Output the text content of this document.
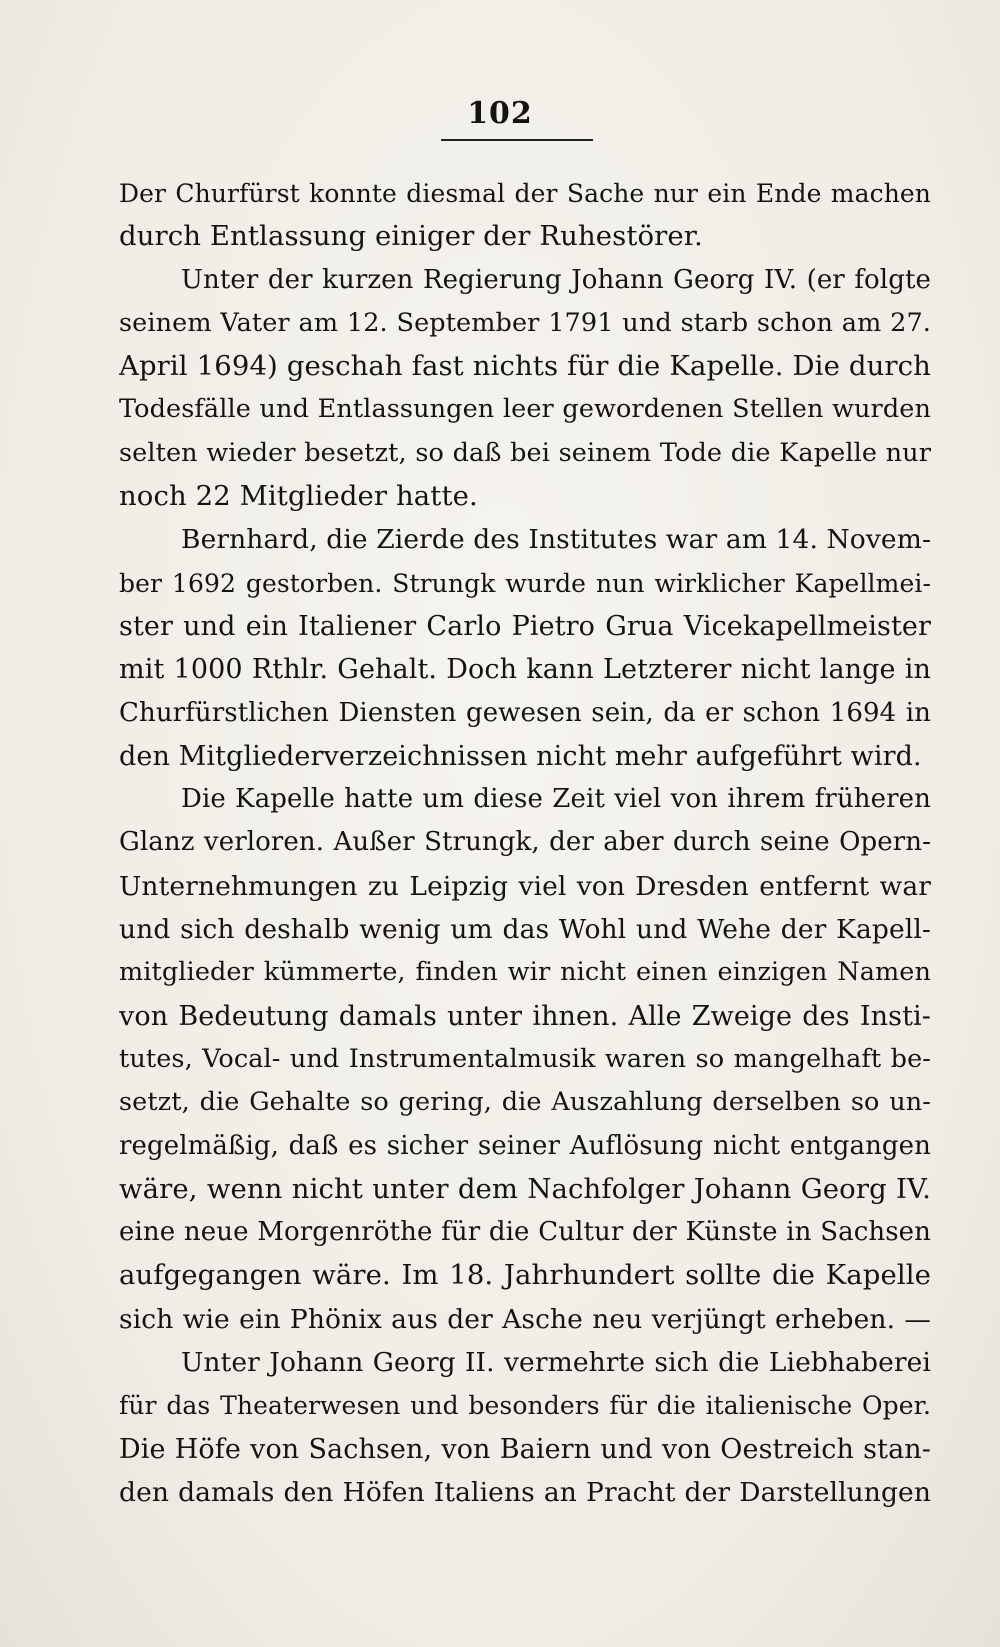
102
Der Churfürst konnte diesmal der Sache nur ein Ende machen
durch Entlassung einiger der Ruhestörer.
Unter der kurzen Regierung Johann Georg IV. (er folgte
seinem Vater am 12. September 1791 und starb schon am 27.
April 1694) geschah fast nichts für die Kapelle. Die durch
Todesfälle und Entlassungen leer gewordenen Stellen wurden
selten wieder besetzt, so daß bei seinem Tode die Kapelle nur
noch 22 Mitglieder hatte.
Bernhard, die Zierde des Institutes war am 14. Novem-
ber 1692 gestorben. Strungk wurde nun wirklicher Kapellmei-
ster und ein Italiener Carlo Pietro Grua Vicekapellmeister
mit 1000 Rthlr. Gehalt. Doch kann Letzterer nicht lange in
Churfürstlichen Diensten gewesen sein, da er schon 1694 in
den Mitgliederverzeichnissen nicht mehr aufgeführt wird.
Die Kapelle hatte um diese Zeit viel von ihrem früheren
Glanz verloren. Außer Strungk, der aber durch seine Opern-
Unternehmungen zu Leipzig viel von Dresden entfernt war
und sich deshalb wenig um das Wohl und Wehe der Kapell-
mitglieder kümmerte, finden wir nicht einen einzigen Namen
von Bedeutung damals unter ihnen. Alle Zweige des Insti-
tutes, Vocal- und Instrumentalmusik waren so mangelhaft be-
setzt, die Gehalte so gering, die Auszahlung derselben so un-
regelmäßig, daß es sicher seiner Auflösung nicht entgangen
wäre, wenn nicht unter dem Nachfolger Johann Georg IV.
eine neue Morgenröthe für die Cultur der Künste in Sachsen
aufgegangen wäre. Im 18. Jahrhundert sollte die Kapelle
sich wie ein Phönix aus der Asche neu verjüngt erheben. —
Unter Johann Georg II. vermehrte sich die Liebhaberei
für das Theaterwesen und besonders für die italienische Oper.
Die Höfe von Sachsen, von Baiern und von Oestreich stan-
den damals den Höfen Italiens an Pracht der Darstellungen
